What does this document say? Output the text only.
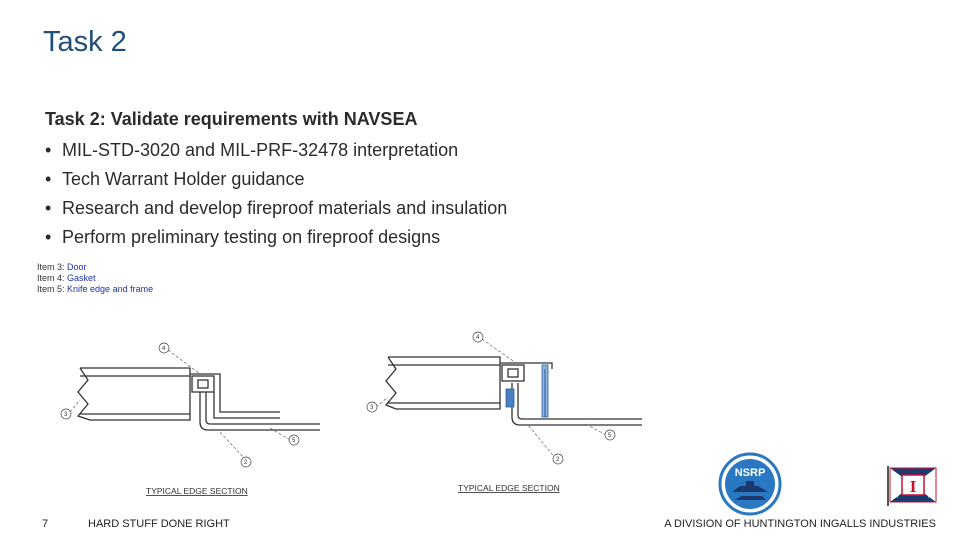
Task 2
Task 2: Validate requirements with NAVSEA
• MIL-STD-3020 and MIL-PRF-32478 interpretation
• Tech Warrant Holder guidance
• Research and develop fireproof materials and insulation
• Perform preliminary testing on fireproof designs
Item 3: Door
Item 4: Gasket
Item 5: Knife edge and frame
4
3
5
2
TYPICAL EDGE SECTION
4
3
5
2
TYPICAL EDGE SECTION
NSRP
I
7	HARD STUFF DONE RIGHT	A DIVISION OF HUNTINGTON INGALLS INDUSTRIES
